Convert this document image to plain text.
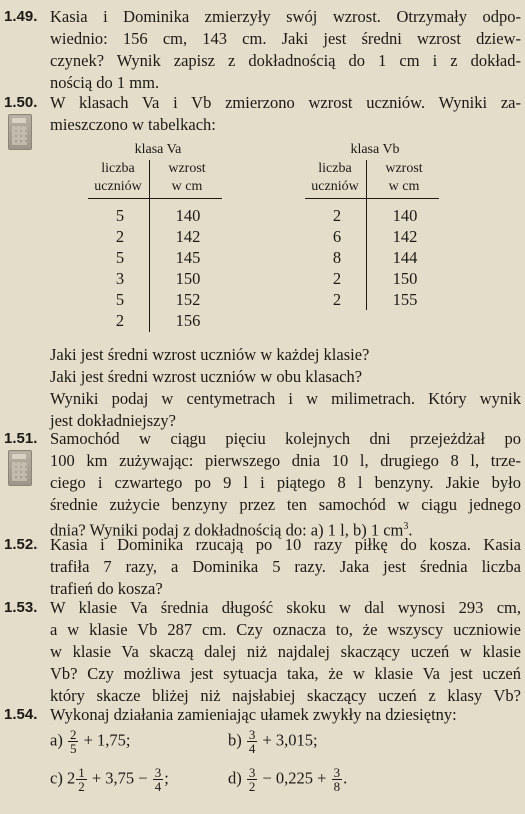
1.49. Kasia i Dominika zmierzyły swój wzrost. Otrzymały odpo-
wiednio: 156 cm, 143 cm. Jaki jest średni wzrost dziew-
czynek? Wynik zapisz z dokładnością do 1 cm i z dokład-
nością do 1 mm.
1.50. W klasach Va i Vb zmierzono wzrost uczniów. Wyniki za-
mieszczono w tabelkach:
klasa Va
liczba
uczniów
wzrost
w cm
5
2
5
3
5
2
140
142
145
150
152
156
klasa Vb
liczba
uczniów
wzrost
w cm
2
6
8
2
2
140
142
144
150
155
Jaki jest średni wzrost uczniów w każdej klasie?
Jaki jest średni wzrost uczniów w obu klasach?
Wyniki podaj w centymetrach i w milimetrach. Który wynik
jest dokładniejszy?
1.51. Samochód w ciągu pięciu kolejnych dni przejeżdżał po
100 km zużywając: pierwszego dnia 10 l, drugiego 8 l, trze-
ciego i czwartego po 9 l i piątego 8 l benzyny. Jakie było
średnie zużycie benzyny przez ten samochód w ciągu jednego
dnia? Wyniki podaj z dokładnością do: a) 1 l, b) 1 $cm^3$.
1.52. Kasia i Dominika rzucają po 10 razy piłkę do kosza. Kasia
trafiła 7 razy, a Dominika 5 razy. Jaka jest średnia liczba
trafień do kosza?
1.53. W klasie Va średnia długość skoku w dal wynosi 293 cm,
a w klasie Vb 287 cm. Czy oznacza to, że wszyscy uczniowie
w klasie Va skaczą dalej niż najdalej skaczący uczeń w klasie
Vb? Czy możliwa jest sytuacja taka, że w klasie Va jest uczeń
który skacze bliżej niż najsłabiej skaczący uczeń z klasy Vb?
1.54. Wykonaj działania zamieniając ułamek zwykły na dziesiętny:
$a) \frac{2}{5} + 1,75$;	$b) \frac{3}{4} + 3,015$;
c) $2 \frac{1}{2} + 3,75 - \frac{3}{4}$ ;	$d) \frac{3}{2} - 0,225 + \frac{3}{8}$ .
